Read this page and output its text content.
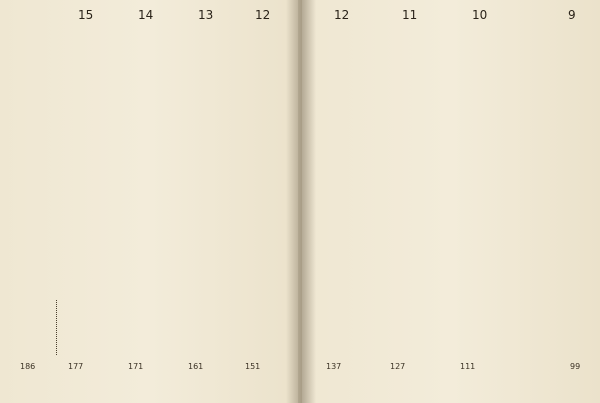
186
15
177
14
171
13
161
12
151
12
137
11
127
10
111
9
99
